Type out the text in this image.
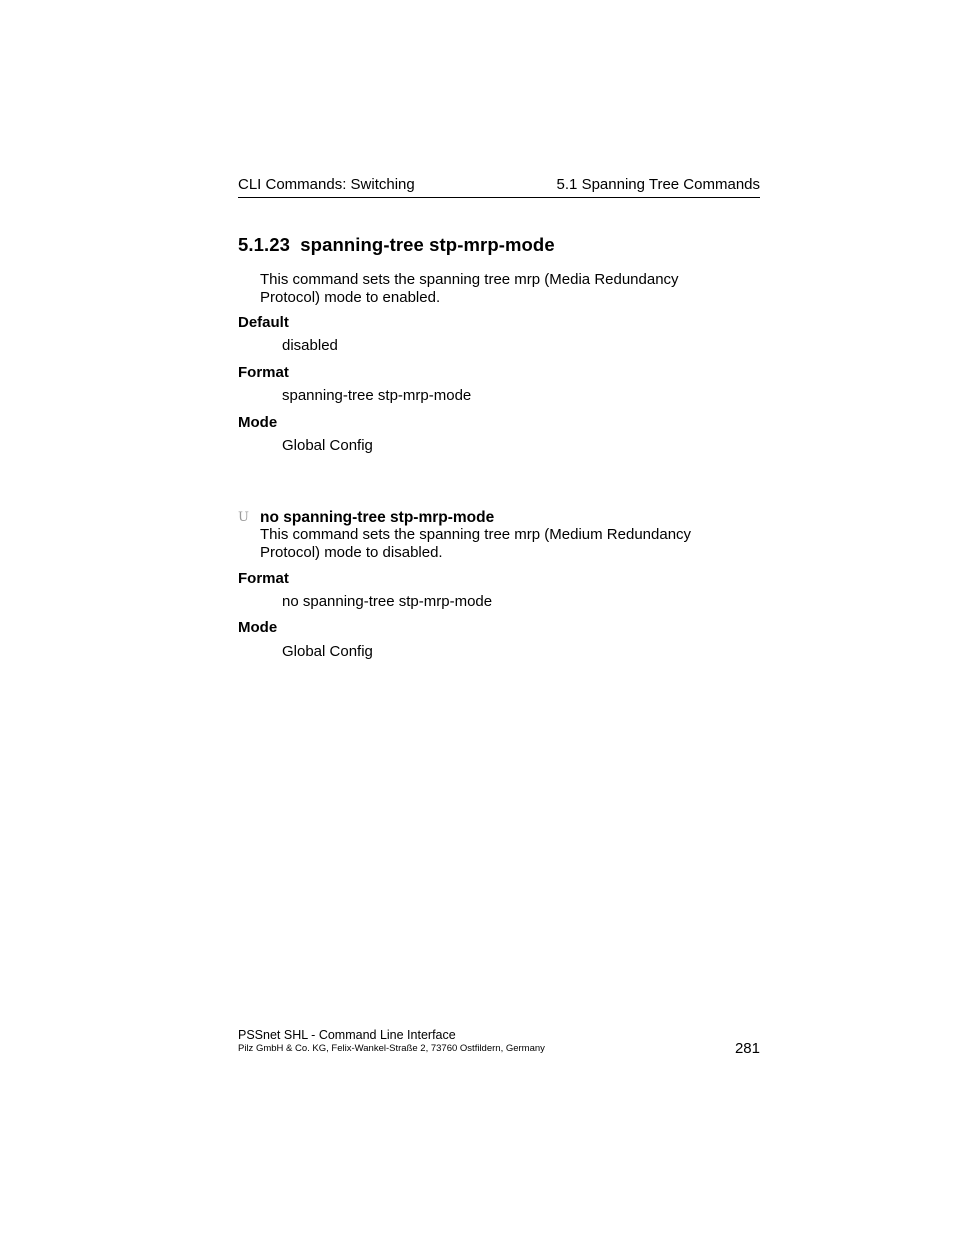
CLI Commands: Switching	5.1 Spanning Tree Commands
5.1.23 spanning-tree stp-mrp-mode
This command sets the spanning tree mrp (Media Redundancy
Protocol) mode to enabled.
Default
disabled
Format
spanning-tree stp-mrp-mode
Mode
Global Config
U no spanning-tree stp-mrp-mode
This command sets the spanning tree mrp (Medium Redundancy
Protocol) mode to disabled.
Format
no spanning-tree stp-mrp-mode
Mode
Global Config
PSSnet SHL - Command Line Interface
Pilz GmbH & Co. KG, Felix-Wankel-Straße 2, 73760 Ostfildern, Germany	281
